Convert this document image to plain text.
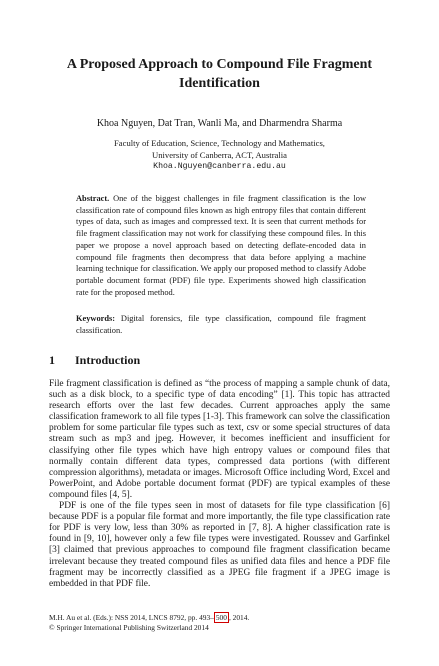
A Proposed Approach to Compound File Fragment Identification
Khoa Nguyen, Dat Tran, Wanli Ma, and Dharmendra Sharma
Faculty of Education, Science, Technology and Mathematics,
University of Canberra, ACT, Australia
Khoa.Nguyen@canberra.edu.au
Abstract. One of the biggest challenges in file fragment classification is the low classification rate of compound files known as high entropy files that contain different types of data, such as images and compressed text. It is seen that current methods for file fragment classification may not work for classifying these compound files. In this paper we propose a novel approach based on detecting deflate-encoded data in compound file fragments then decompress that data before applying a machine learning technique for classification. We apply our proposed method to classify Adobe portable document format (PDF) file type. Experiments showed high classification rate for the proposed method.
Keywords: Digital forensics, file type classification, compound file fragment classification.
1 Introduction

File fragment classification is defined as “the process of mapping a sample chunk of data, such as a disk block, to a specific type of data encoding” [1]. This topic has attracted research efforts over the last few decades. Current approaches apply the same classification framework to all file types [1-3]. This framework can solve the classification problem for some particular file types such as text, csv or some special structures of data stream such as mp3 and jpeg. However, it becomes inefficient and insufficient for classifying other file types which have high entropy values or compound files that normally contain different data types, compressed data portions (with different compression algorithms), metadata or images. Microsoft Office including Word, Excel and PowerPoint, and Adobe portable document format (PDF) are typical examples of these compound files [4, 5].

PDF is one of the file types seen in most of datasets for file type classification [6] because PDF is a popular file format and more importantly, the file type classification rate for PDF is very low, less than 30% as reported in [7, 8]. A higher classification rate is found in [9, 10], however only a few file types were investigated. Roussev and Garfinkel [3] claimed that previous approaches to compound file fragment classification became irrelevant because they treated compound files as unified data files and hence a PDF file fragment may be incorrectly classified as a JPEG file fragment if a JPEG image is embedded in that PDF file.

M.H. Au et al. (Eds.): NSS 2014, LNCS 8792, pp. 493– 500 , 2014.
© Springer International Publishing Switzerland 2014
